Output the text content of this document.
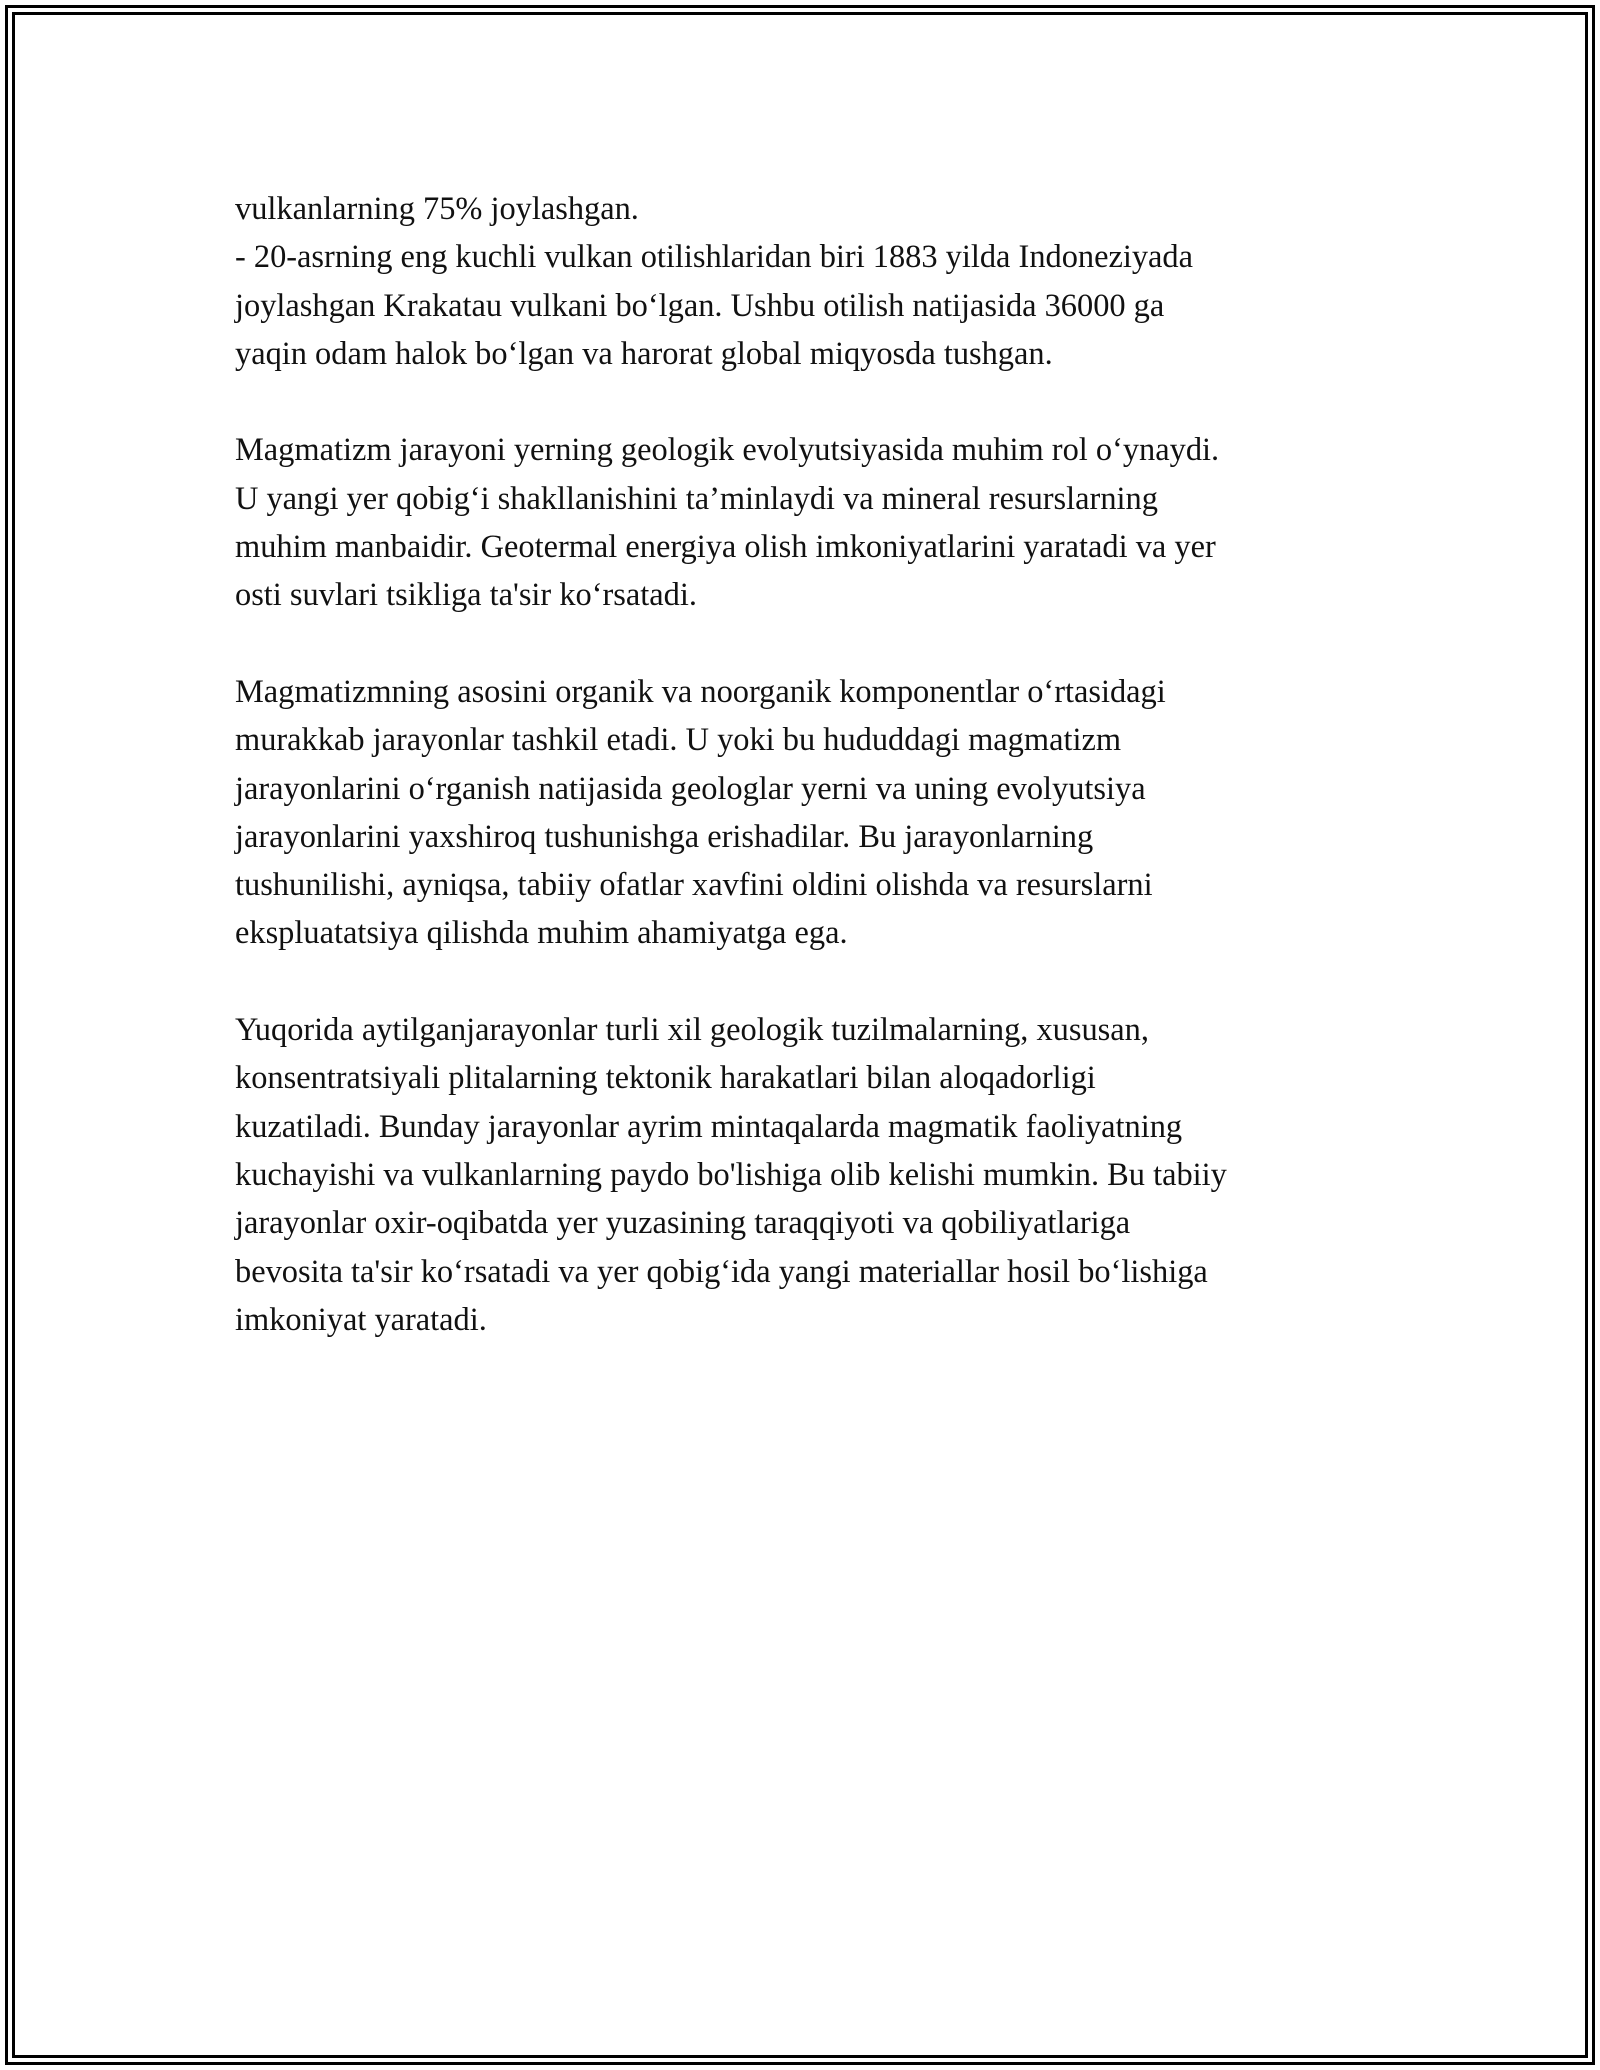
vulkanlarning 75% joylashgan.
- 20-asrning eng kuchli vulkan otilishlaridan biri 1883 yilda Indoneziyada
joylashgan Krakatau vulkani bo‘lgan. Ushbu otilish natijasida 36000 ga
yaqin odam halok bo‘lgan va harorat global miqyosda tushgan.

Magmatizm jarayoni yerning geologik evolyutsiyasida muhim rol o‘ynaydi.
U yangi yer qobig‘i shakllanishini ta’minlaydi va mineral resurslarning
muhim manbaidir. Geotermal energiya olish imkoniyatlarini yaratadi va yer
osti suvlari tsikliga ta'sir ko‘rsatadi.

Magmatizmning asosini organik va noorganik komponentlar o‘rtasidagi
murakkab jarayonlar tashkil etadi. U yoki bu hududdagi magmatizm
jarayonlarini o‘rganish natijasida geologlar yerni va uning evolyutsiya
jarayonlarini yaxshiroq tushunishga erishadilar. Bu jarayonlarning
tushunilishi, ayniqsa, tabiiy ofatlar xavfini oldini olishda va resurslarni
ekspluatatsiya qilishda muhim ahamiyatga ega.

Yuqorida aytilganjarayonlar turli xil geologik tuzilmalarning, xususan,
konsentratsiyali plitalarning tektonik harakatlari bilan aloqadorligi
kuzatiladi. Bunday jarayonlar ayrim mintaqalarda magmatik faoliyatning
kuchayishi va vulkanlarning paydo bo'lishiga olib kelishi mumkin. Bu tabiiy
jarayonlar oxir-oqibatda yer yuzasining taraqqiyoti va qobiliyatlariga
bevosita ta'sir ko‘rsatadi va yer qobig‘ida yangi materiallar hosil bo‘lishiga
imkoniyat yaratadi.
